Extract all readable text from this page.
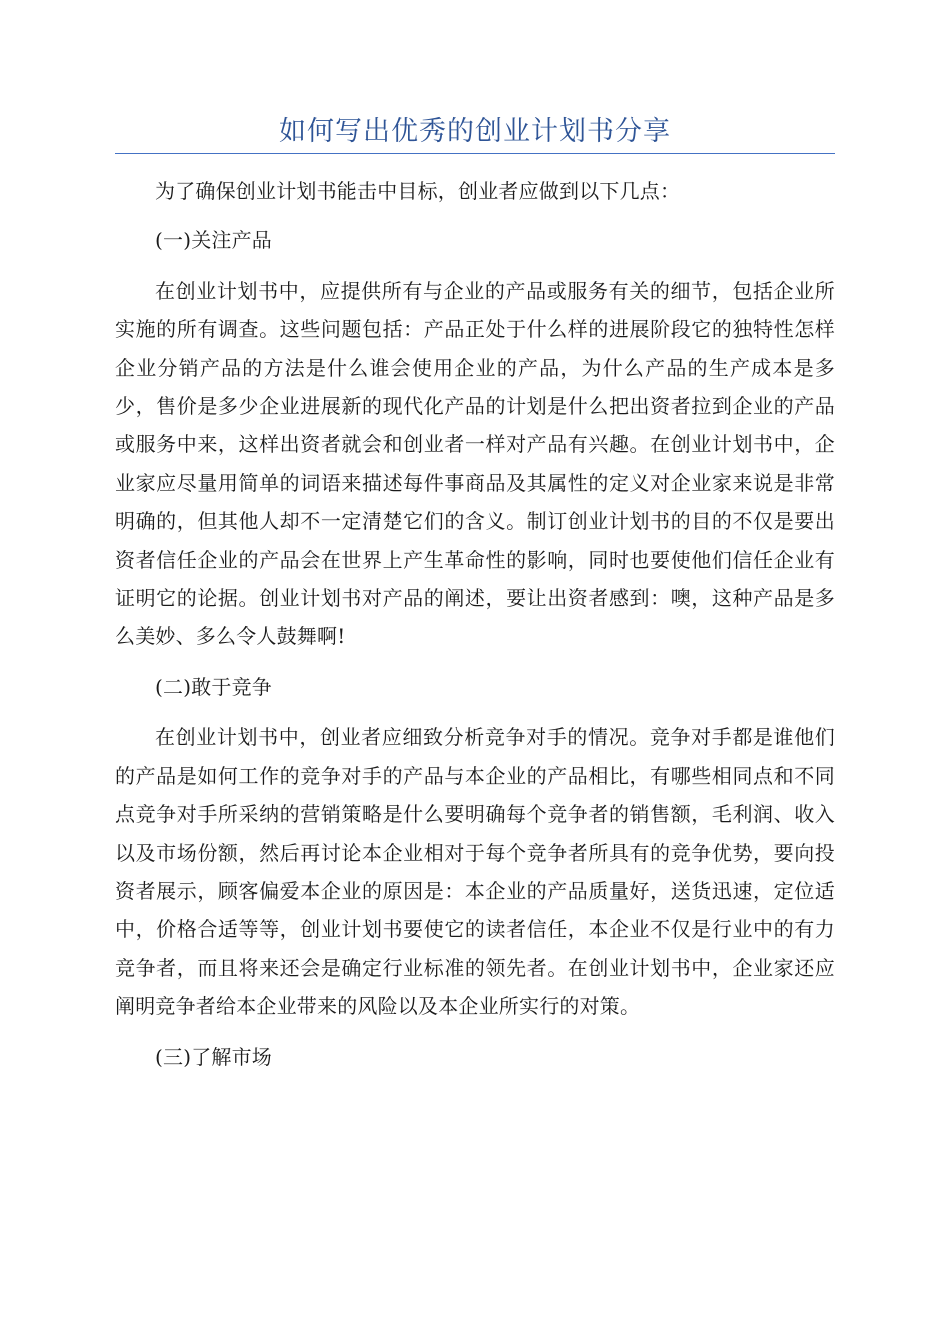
如何写出优秀的创业计划书分享

为了确保创业计划书能击中目标，创业者应做到以下几点：

(一)关注产品

在创业计划书中，应提供所有与企业的产品或服务有关的细节，包括企业所实施的所有调查。这些问题包括：产品正处于什么样的进展阶段它的独特性怎样企业分销产品的方法是什么谁会使用企业的产品，为什么产品的生产成本是多少，售价是多少企业进展新的现代化产品的计划是什么把出资者拉到企业的产品或服务中来，这样出资者就会和创业者一样对产品有兴趣。在创业计划书中，企业家应尽量用简单的词语来描述每件事商品及其属性的定义对企业家来说是非常明确的，但其他人却不一定清楚它们的含义。制订创业计划书的目的不仅是要出资者信任企业的产品会在世界上产生革命性的影响，同时也要使他们信任企业有证明它的论据。创业计划书对产品的阐述，要让出资者感到：噢，这种产品是多么美妙、多么令人鼓舞啊!

(二)敢于竞争

在创业计划书中，创业者应细致分析竞争对手的情况。竞争对手都是谁他们的产品是如何工作的竞争对手的产品与本企业的产品相比，有哪些相同点和不同点竞争对手所采纳的营销策略是什么要明确每个竞争者的销售额，毛利润、收入以及市场份额，然后再讨论本企业相对于每个竞争者所具有的竞争优势，要向投资者展示，顾客偏爱本企业的原因是：本企业的产品质量好，送货迅速，定位适中，价格合适等等，创业计划书要使它的读者信任，本企业不仅是行业中的有力竞争者，而且将来还会是确定行业标准的领先者。在创业计划书中，企业家还应阐明竞争者给本企业带来的风险以及本企业所实行的对策。

(三)了解市场
